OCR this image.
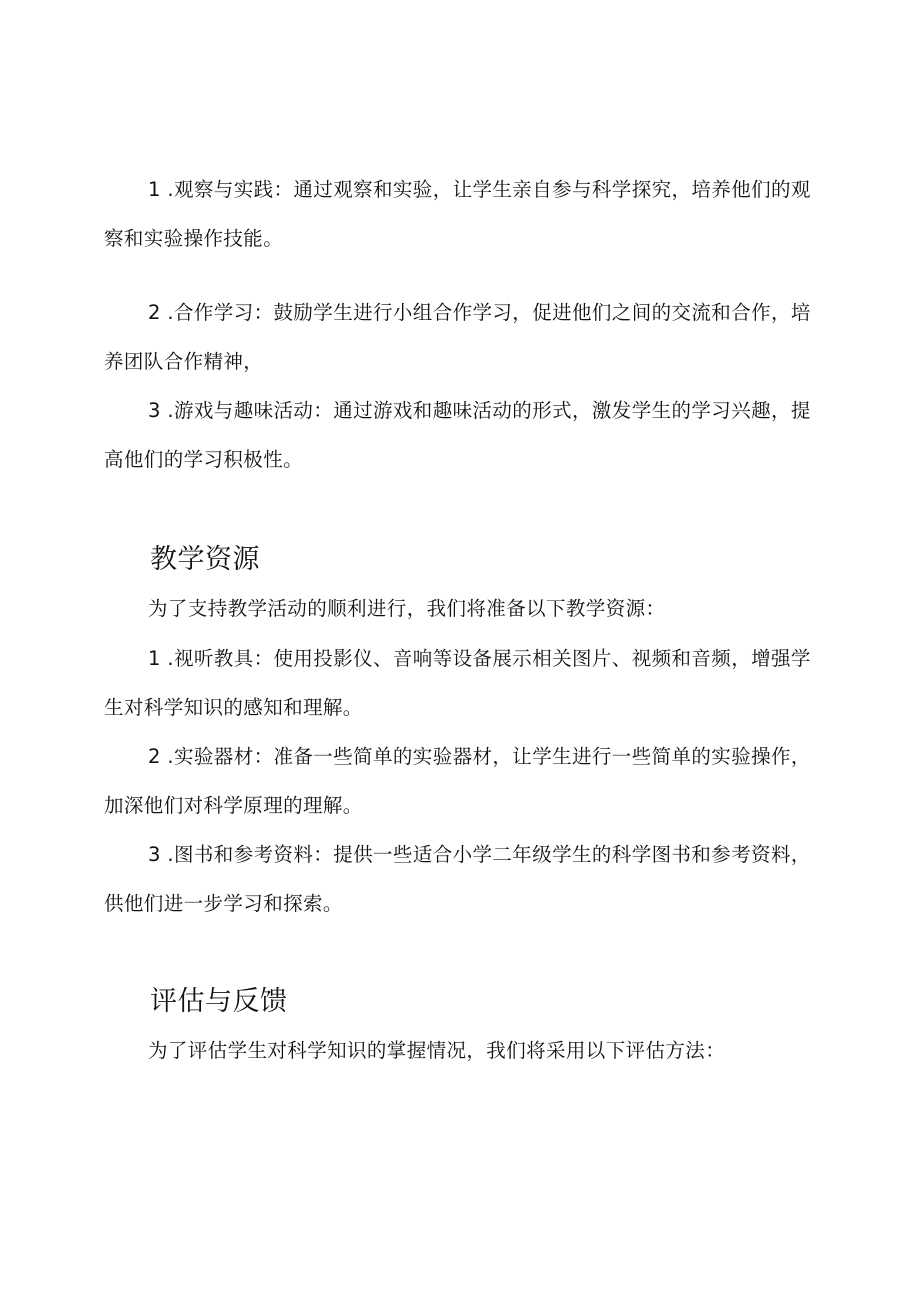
1 .观察与实践：通过观察和实验，让学生亲自参与科学探究，培养他们的观察和实验操作技能。

2 .合作学习：鼓励学生进行小组合作学习，促进他们之间的交流和合作，培养团队合作精神，

3 .游戏与趣味活动：通过游戏和趣味活动的形式，激发学生的学习兴趣，提高他们的学习积极性。

教学资源

为了支持教学活动的顺利进行，我们将准备以下教学资源：

1 .视听教具：使用投影仪、音响等设备展示相关图片、视频和音频，增强学生对科学知识的感知和理解。

2 .实验器材：准备一些简单的实验器材，让学生进行一些简单的实验操作，加深他们对科学原理的理解。

3 .图书和参考资料：提供一些适合小学二年级学生的科学图书和参考资料，供他们进一步学习和探索。

评估与反馈

为了评估学生对科学知识的掌握情况，我们将采用以下评估方法：
